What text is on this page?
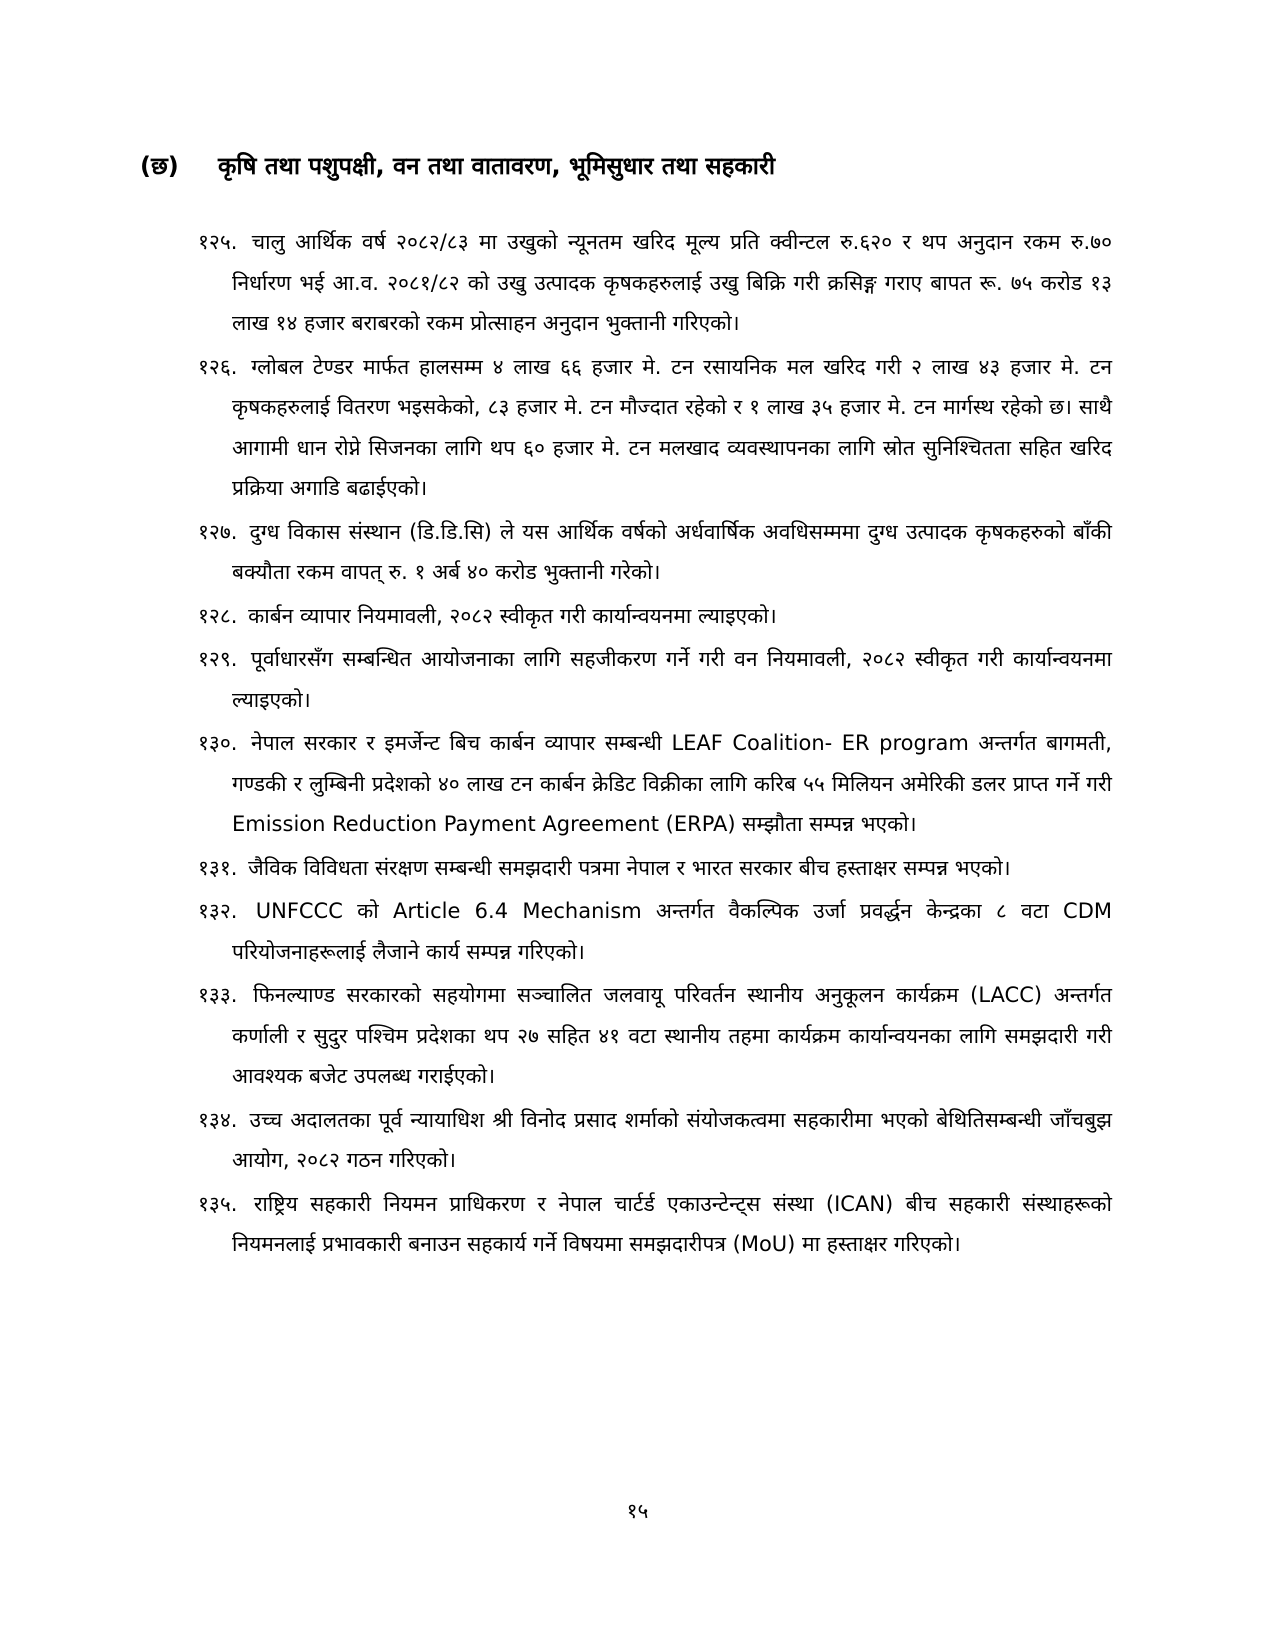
(छ) कृषि तथा पशुपक्षी, वन तथा वातावरण, भूमिसुधार तथा सहकारी
१२५. चालु आर्थिक वर्ष २०८२/८३ मा उखुको न्यूनतम खरिद मूल्य प्रति क्वीन्टल रु.६२० र थप अनुदान रकम रु.७० निर्धारण भई आ.व. २०८१/८२ को उखु उत्पादक कृषकहरुलाई उखु बिक्रि गरी क्रसिङ्ग गराए बापत रू. ७५ करोड १३ लाख १४ हजार बराबरको रकम प्रोत्साहन अनुदान भुक्तानी गरिएको।
१२६. ग्लोबल टेण्डर मार्फत हालसम्म ४ लाख ६६ हजार मे. टन रसायनिक मल खरिद गरी २ लाख ४३ हजार मे. टन कृषकहरुलाई वितरण भइसकेको, ८३ हजार मे. टन मौज्दात रहेको र १ लाख ३५ हजार मे. टन मार्गस्थ रहेको छ। साथै आगामी धान रोप्ने सिजनका लागि थप ६० हजार मे. टन मलखाद व्यवस्थापनका लागि स्रोत सुनिश्चितता सहित खरिद प्रक्रिया अगाडि बढाईएको।
१२७. दुग्ध विकास संस्थान (डि.डि.सि) ले यस आर्थिक वर्षको अर्धवार्षिक अवधिसम्ममा दुग्ध उत्पादक कृषकहरुको बाँकी बक्यौता रकम वापत् रु. १ अर्ब ४० करोड भुक्तानी गरेको।
१२८. कार्बन व्यापार नियमावली, २०८२ स्वीकृत गरी कार्यान्वयनमा ल्याइएको।
१२९. पूर्वाधारसँग सम्बन्धित आयोजनाका लागि सहजीकरण गर्ने गरी वन नियमावली, २०८२ स्वीकृत गरी कार्यान्वयनमा ल्याइएको।
१३०. नेपाल सरकार र इमर्जेन्ट बिच कार्बन व्यापार सम्बन्धी LEAF Coalition- ER program अन्तर्गत बागमती, गण्डकी र लुम्बिनी प्रदेशको ४० लाख टन कार्बन क्रेडिट विक्रीका लागि करिब ५५ मिलियन अमेरिकी डलर प्राप्त गर्ने गरी Emission Reduction Payment Agreement (ERPA) सम्झौता सम्पन्न भएको।
१३१. जैविक विविधता संरक्षण सम्बन्धी समझदारी पत्रमा नेपाल र भारत सरकार बीच हस्ताक्षर सम्पन्न भएको।
१३२. UNFCCC को Article 6.4 Mechanism अन्तर्गत वैकल्पिक उर्जा प्रवर्द्धन केन्द्रका ८ वटा CDM परियोजनाहरूलाई लैजाने कार्य सम्पन्न गरिएको।
१३३. फिनल्याण्ड सरकारको सहयोगमा सञ्चालित जलवायू परिवर्तन स्थानीय अनुकूलन कार्यक्रम (LACC) अन्तर्गत कर्णाली र सुदुर पश्चिम प्रदेशका थप २७ सहित ४१ वटा स्थानीय तहमा कार्यक्रम कार्यान्वयनका लागि समझदारी गरी आवश्यक बजेट उपलब्ध गराईएको।
१३४. उच्च अदालतका पूर्व न्यायाधिश श्री विनोद प्रसाद शर्माको संयोजकत्वमा सहकारीमा भएको बेथितिसम्बन्धी जाँचबुझ आयोग, २०८२ गठन गरिएको।
१३५. राष्ट्रिय सहकारी नियमन प्राधिकरण र नेपाल चार्टर्ड एकाउन्टेन्ट्स संस्था (ICAN) बीच सहकारी संस्थाहरूको नियमनलाई प्रभावकारी बनाउन सहकार्य गर्ने विषयमा समझदारीपत्र (MoU) मा हस्ताक्षर गरिएको।
१५
